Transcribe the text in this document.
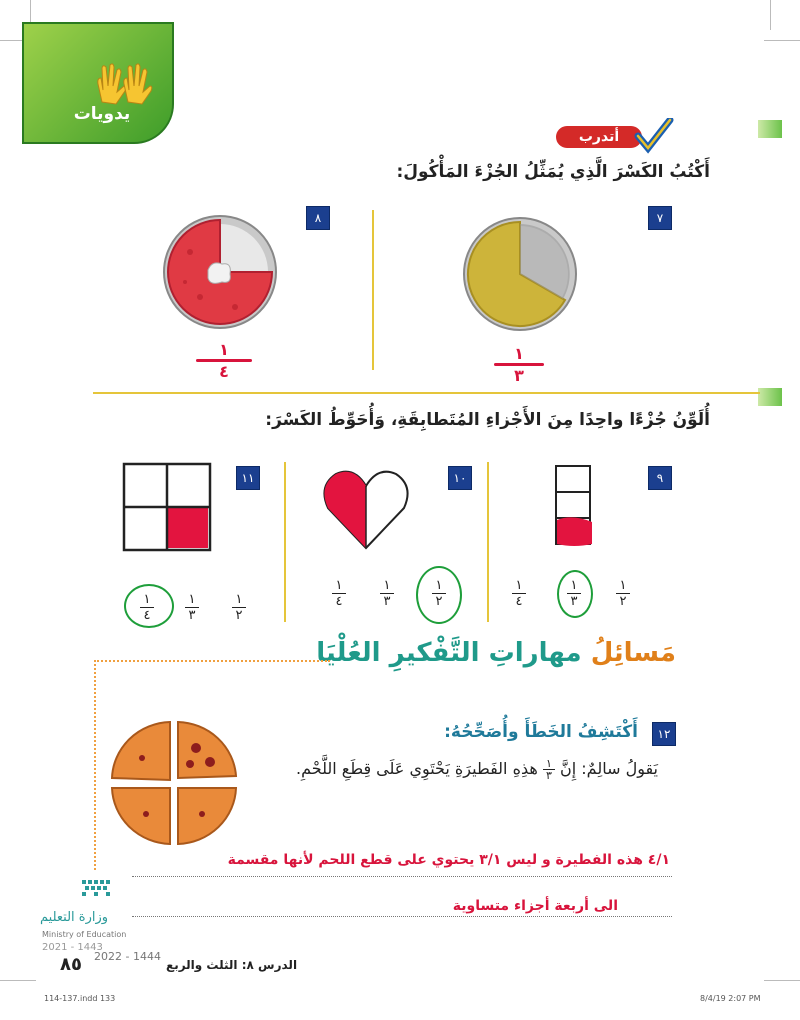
يدويات
أتدرب
أَكْتُبُ الكَسْرَ الَّذِي يُمَثِّلُ الجُزْءَ المَأْكُولَ:
٧
١
٣
٨
١
٤
أُلَوِّنُ جُزْءًا واحِدًا مِنَ الأَجْزاءِ المُتَطابِقَةِ، وَأُحَوِّطُ الكَسْرَ:
٩
١
٤
١
٣
١
٢
١٠
١
٤
١
٣
١
٢
١١
١
٤
١
٣
١
٢
مَسائِلُ مهاراتِ التَّفْكيرِ العُلْيَا
١٢
أَكْتَشِفُ الخَطَأَ وأُصَحِّحُهُ:
يَقولُ سالِمٌ: إِنَّ ١
٣ هذِهِ الفَطيرَةِ يَحْتَوِي عَلَى قِطَعِ اللَّحْمِ.
٤/١ هذه الفطيرة و ليس ٣/١ يحتوي على قطع اللحم لأنها مقسمة
الى أربعة أجزاء متساوية
وزارة التعليم
Ministry of Education
2021 - 1443
2022 - 1444
٨٥	الدرس ٨: الثلث والربع
114-137.indd 133	8/4/19 2:07 PM
